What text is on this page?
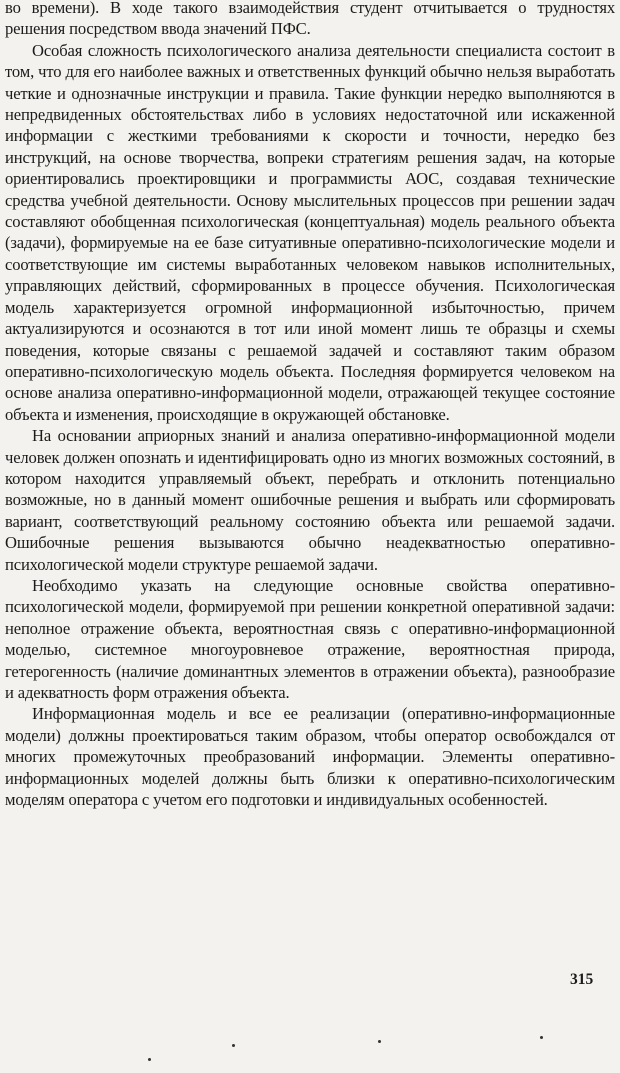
во времени). В ходе такого взаимодействия студент отчитывается о трудностях решения посредством ввода значений ПФС.

Особая сложность психологического анализа деятельности специалиста состоит в том, что для его наиболее важных и ответственных функций обычно нельзя выработать четкие и однозначные инструкции и правила. Такие функции нередко выполняются в непредвиденных обстоятельствах либо в условиях недостаточной или искаженной информации с жесткими требованиями к скорости и точности, нередко без инструкций, на основе творчества, вопреки стратегиям решения задач, на которые ориентировались проектировщики и программисты АОС, создавая технические средства учебной деятельности. Основу мыслительных процессов при решении задач составляют обобщенная психологическая (концептуальная) модель реального объекта (задачи), формируемые на ее базе ситуативные оперативно-психологические модели и соответствующие им системы выработанных человеком навыков исполнительных, управляющих действий, сформированных в процессе обучения. Психологическая модель характеризуется огромной информационной избыточностью, причем актуализируются и осознаются в тот или иной момент лишь те образцы и схемы поведения, которые связаны с решаемой задачей и составляют таким образом оперативно-психологическую модель объекта. Последняя формируется человеком на основе анализа оперативно-информационной модели, отражающей текущее состояние объекта и изменения, происходящие в окружающей обстановке.

На основании априорных знаний и анализа оперативно-информационной модели человек должен опознать и идентифицировать одно из многих возможных состояний, в котором находится управляемый объект, перебрать и отклонить потенциально возможные, но в данный момент ошибочные решения и выбрать или сформировать вариант, соответствующий реальному состоянию объекта или решаемой задачи. Ошибочные решения вызываются обычно неадекватностью оперативно-психологической модели структуре решаемой задачи.

Необходимо указать на следующие основные свойства оперативно-психологической модели, формируемой при решении конкретной оперативной задачи: неполное отражение объекта, вероятностная связь с оперативно-информационной моделью, системное многоуровневое отражение, вероятностная природа, гетерогенность (наличие доминантных элементов в отражении объекта), разнообразие и адекватность форм отражения объекта.

Информационная модель и все ее реализации (оперативно-информационные модели) должны проектироваться таким образом, чтобы оператор освобождался от многих промежуточных преобразований информации. Элементы оперативно-информационных моделей должны быть близки к оперативно-психологическим моделям оператора с учетом его подготовки и индивидуальных особенностей.

315
